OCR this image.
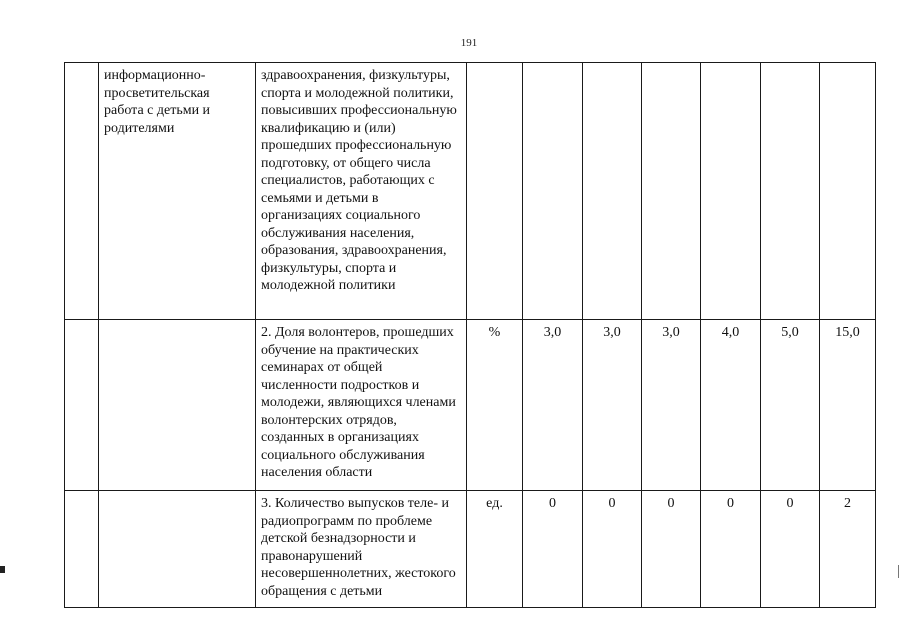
191
	информационно-просветительская работа с детьми и родителями	здравоохранения, физкультуры, спорта и молодежной политики, повысивших профессиональную квалификацию и (или) прошедших профессиональную подготовку, от общего числа специалистов, работающих с семьями и детьми в организациях социального обслуживания населения, образования, здравоохранения, физкультуры, спорта и молодежной политики							
		2. Доля волонтеров, прошедших обучение на практических семинарах от общей численности подростков и молодежи, являющихся членами волонтерских отрядов, созданных в организациях социального обслуживания населения области	%	3,0	3,0	3,0	4,0	5,0	15,0
		3. Количество выпусков теле- и радиопрограмм по проблеме детской безнадзорности и правонарушений несовершеннолетних, жестокого обращения с детьми	ед.	0	0	0	0	0	2
